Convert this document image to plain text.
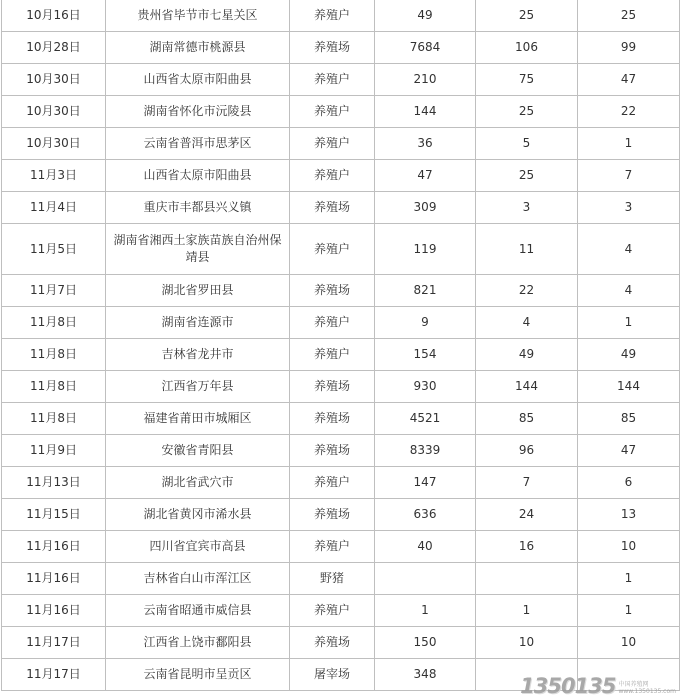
10月16日	贵州省毕节市七星关区	养殖户	49	25	25
10月28日	湖南常德市桃源县	养殖场	7684	106	99
10月30日	山西省太原市阳曲县	养殖户	210	75	47
10月30日	湖南省怀化市沅陵县	养殖户	144	25	22
10月30日	云南省普洱市思茅区	养殖户	36	5	1
11月3日	山西省太原市阳曲县	养殖户	47	25	7
11月4日	重庆市丰都县兴义镇	养殖场	309	3	3
11月5日	湖南省湘西土家族苗族自治州保靖县	养殖户	119	11	4
11月7日	湖北省罗田县	养殖场	821	22	4
11月8日	湖南省连源市	养殖户	9	4	1
11月8日	吉林省龙井市	养殖户	154	49	49
11月8日	江西省万年县	养殖场	930	144	144
11月8日	福建省莆田市城厢区	养殖场	4521	85	85
11月9日	安徽省青阳县	养殖场	8339	96	47
11月13日	湖北省武穴市	养殖户	147	7	6
11月15日	湖北省黄冈市浠水县	养殖场	636	24	13
11月16日	四川省宜宾市高县	养殖户	40	16	10
11月16日	吉林省白山市浑江区	野猪			1
11月16日	云南省昭通市威信县	养殖户	1	1	1
11月17日	江西省上饶市鄱阳县	养殖场	150	10	10
11月17日	云南省昆明市呈贡区	屠宰场	348			1350135 中国养殖网
www.1350135.com
